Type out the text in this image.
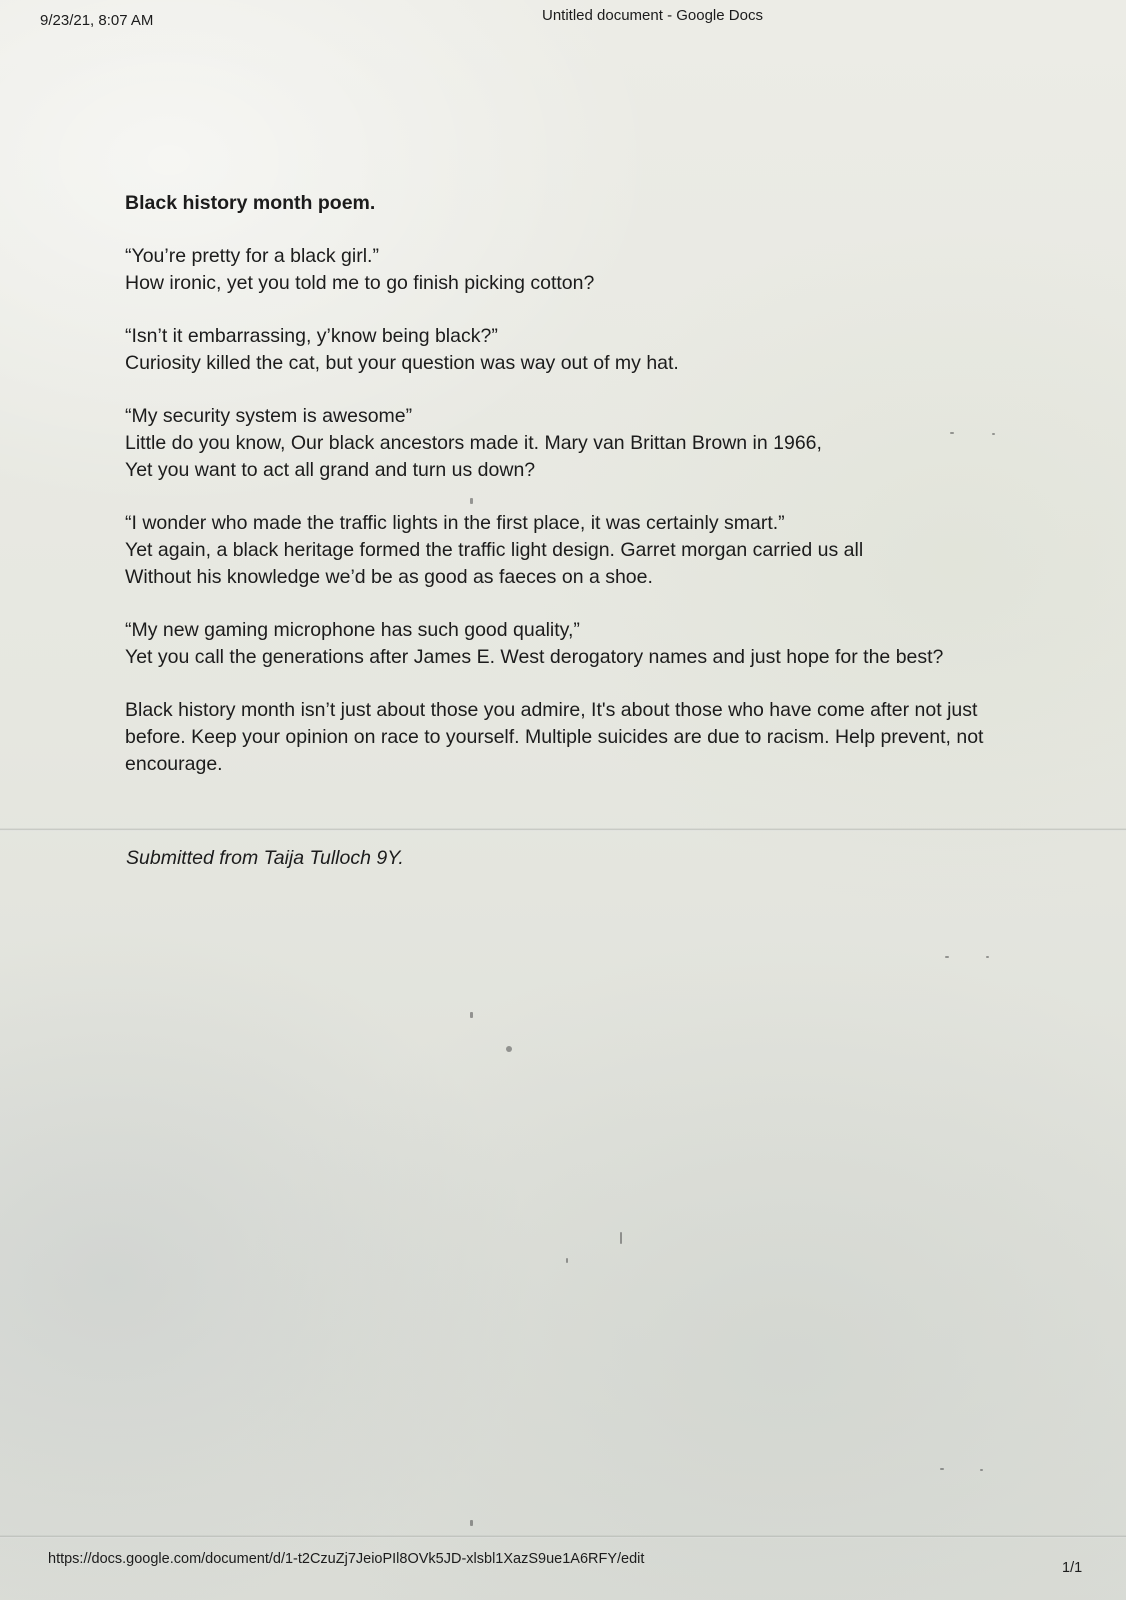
9/23/21, 8:07 AM	Untitled document - Google Docs
Black history month poem.
“You’re pretty for a black girl.”
How ironic, yet you told me to go finish picking cotton?
“Isn’t it embarrassing, y’know being black?”
Curiosity killed the cat, but your question was way out of my hat.
“My security system is awesome”
Little do you know, Our black ancestors made it. Mary van Brittan Brown in 1966,
Yet you want to act all grand and turn us down?
“I wonder who made the traffic lights in the first place, it was certainly smart.”
Yet again, a black heritage formed the traffic light design. Garret morgan carried us all
Without his knowledge we’d be as good as faeces on a shoe.
“My new gaming microphone has such good quality,”
Yet you call the generations after James E. West derogatory names and just hope for the best?

Black history month isn’t just about those you admire, It's about those who have come after not just before. Keep your opinion on race to yourself. Multiple suicides are due to racism. Help prevent, not encourage.

Submitted from Taija Tulloch 9Y.
https://docs.google.com/document/d/1-t2CzuZj7JeioPIl8OVk5JD-xlsbl1XazS9ue1A6RFY/edit
1/1
